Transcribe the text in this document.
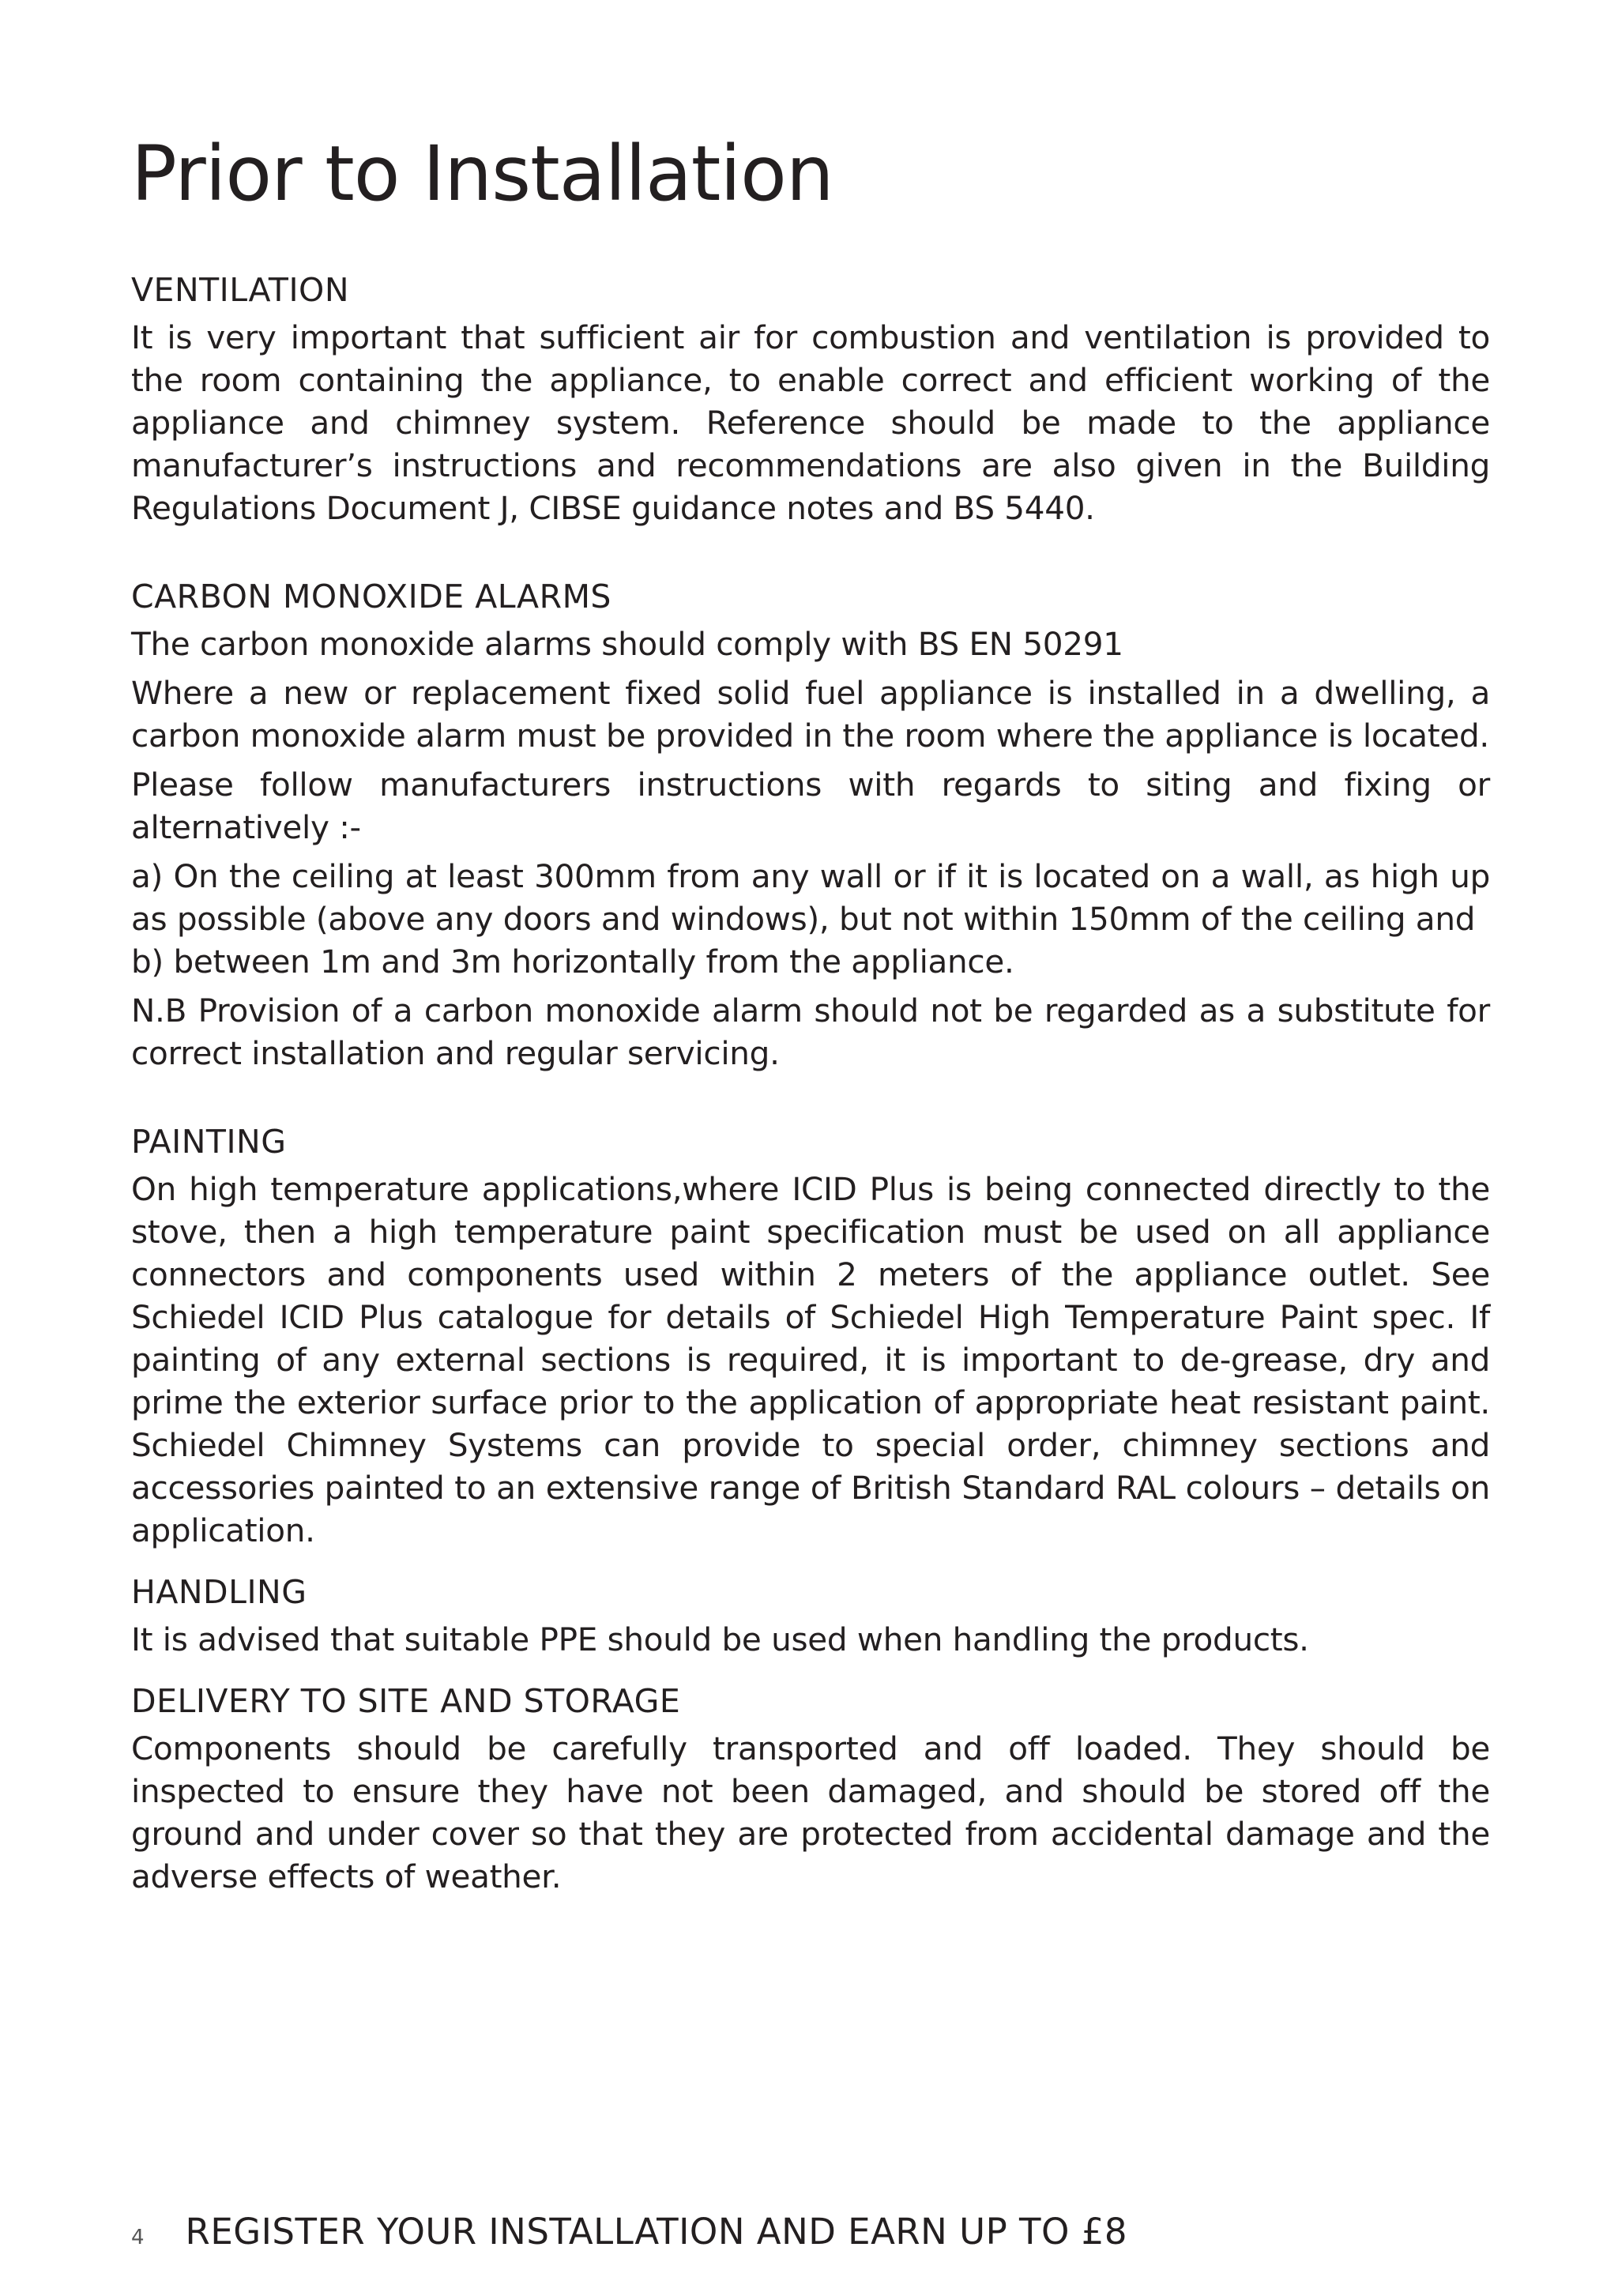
Prior to Installation
VENTILATION

It is very important that sufficient air for combustion and ventilation is provided to the room containing the appliance, to enable correct and efficient working of the appliance and chimney system. Reference should be made to the appliance manufacturer’s instructions and recommendations are also given in the Building Regulations Document J, CIBSE guidance notes and BS 5440.

CARBON MONOXIDE ALARMS

The carbon monoxide alarms should comply with BS EN 50291

Where a new or replacement fixed solid fuel appliance is installed in a dwelling, a carbon monoxide alarm must be provided in the room where the appliance is located.

Please follow manufacturers instructions with regards to siting and fixing or alternatively :-

a) On the ceiling at least 300mm from any wall or if it is located on a wall, as high up as possible (above any doors and windows), but not within 150mm of the ceiling and

b) between 1m and 3m horizontally from the appliance.

N.B Provision of a carbon monoxide alarm should not be regarded as a substitute for correct installation and regular servicing.

PAINTING

On high temperature applications,where ICID Plus is being connected directly to the stove, then a high temperature paint specification must be used on all appliance connectors and components used within 2 meters of the appliance outlet. See Schiedel ICID Plus catalogue for details of Schiedel High Temperature Paint spec. If painting of any external sections is required, it is important to de-grease, dry and prime the exterior surface prior to the application of appropriate heat resistant paint. Schiedel Chimney Systems can provide to special order, chimney sections and accessories painted to an extensive range of British Standard RAL colours – details on application.

HANDLING

It is advised that suitable PPE should be used when handling the products.

DELIVERY TO SITE AND STORAGE

Components should be carefully transported and off loaded. They should be inspected to ensure they have not been damaged, and should be stored off the ground and under cover so that they are protected from accidental damage and the adverse effects of weather.

4 REGISTER YOUR INSTALLATION AND EARN UP TO £8
